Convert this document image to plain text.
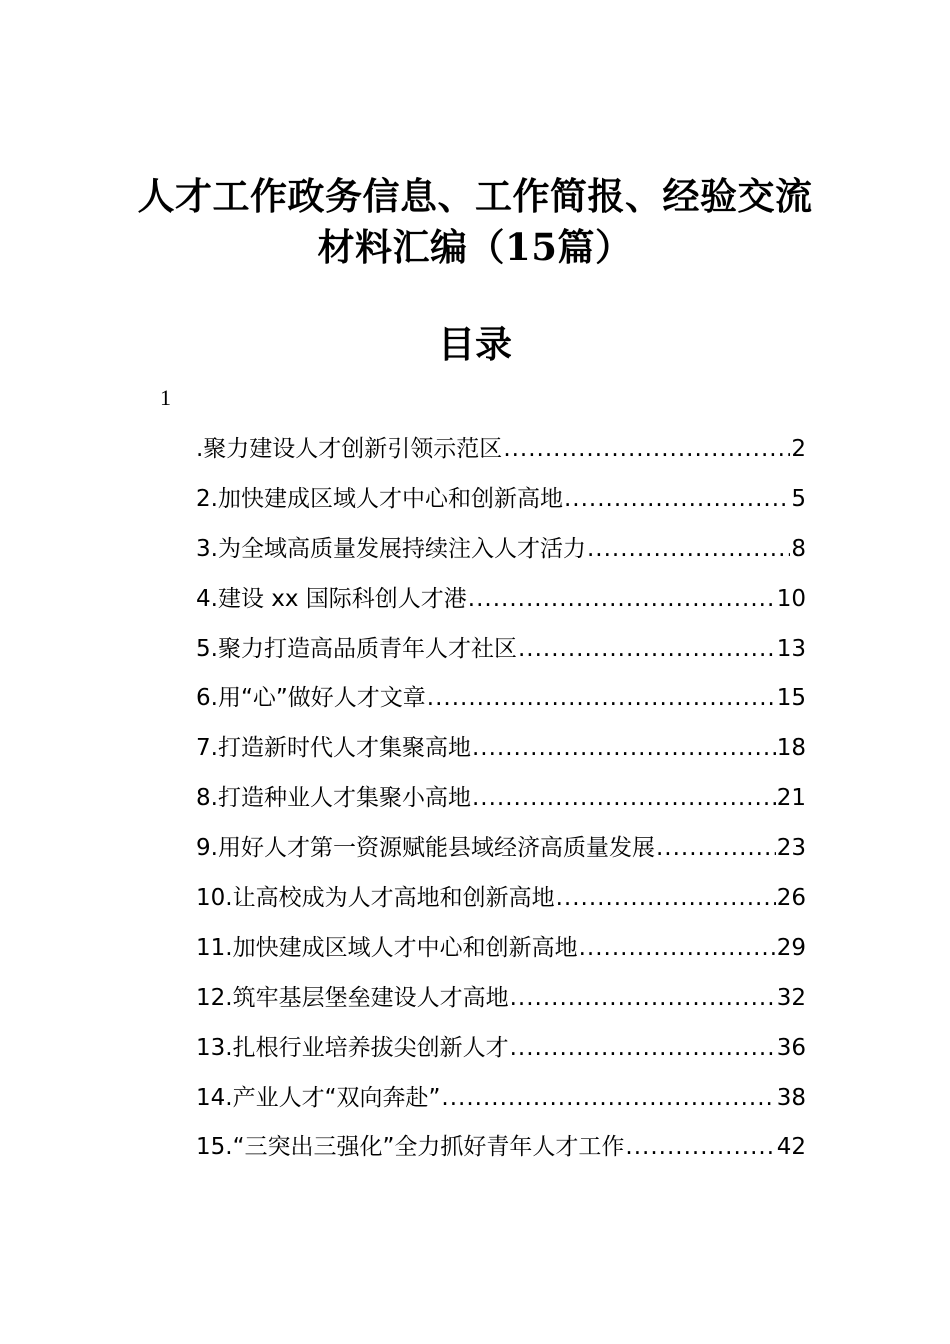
人才工作政务信息、工作简报、经验交流
材料汇编（15篇）
目录
1
.聚力建设人才创新引领示范区 .....	2
2.加快建成区域人才中心和创新高地 .....	5
3.为全域高质量发展持续注入人才活力 .....	8
4.建设 xx 国际科创人才港 .....	10
5.聚力打造高品质青年人才社区 .....	13
6.用“心”做好人才文章 .....	15
7.打造新时代人才集聚高地 .....	18
8.打造种业人才集聚小高地 .....	21
9.用好人才第一资源赋能县域经济高质量发展 .....	23
10.让高校成为人才高地和创新高地 .....	26
11.加快建成区域人才中心和创新高地 .....	29
12.筑牢基层堡垒建设人才高地 .....	32
13.扎根行业培养拔尖创新人才 .....	36
14.产业人才“双向奔赴” .....	38
15.“三突出三强化”全力抓好青年人才工作 .....	42
